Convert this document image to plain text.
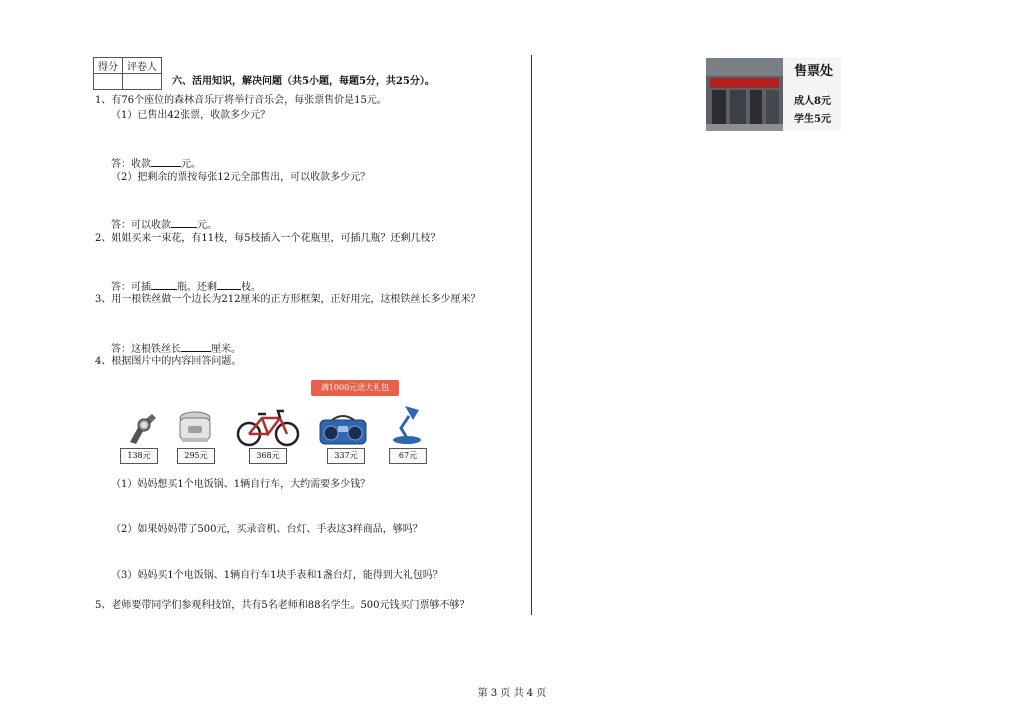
得分	评卷人

六、活用知识，解决问题（共5小题，每题5分，共25分）。
1、有76个座位的森林音乐厅将举行音乐会，每张票售价是15元。
（1）已售出42张票，收款多少元？
答：收款	元。
（2）把剩余的票按每张12元全部售出，可以收款多少元？
答：可以收款	元。
2、姐姐买来一束花，有11枝，每5枝插入一个花瓶里，可插几瓶？还剩几枝？
答：可插	瓶。还剩 枝。
3、用一根铁丝做一个边长为212厘米的正方形框架，正好用完，这根铁丝长多少厘米？
答：这根铁丝长	厘米。
4、根据图片中的内容回答问题。
满1000元送大礼包
138元	295元	368元	337元	67元
（1）妈妈想买1个电饭锅、1辆自行车，大约需要多少钱？
（2）如果妈妈带了500元，买录音机、台灯、手表这3样商品，够吗？
（3）妈妈买1个电饭锅、1辆自行车1块手表和1盏台灯，能得到大礼包吗？
5、老师要带同学们参观科技馆，共有5名老师和88名学生。500元钱买门票够不够？
售票处
成人8元
学生5元
第 3 页 共 4 页
